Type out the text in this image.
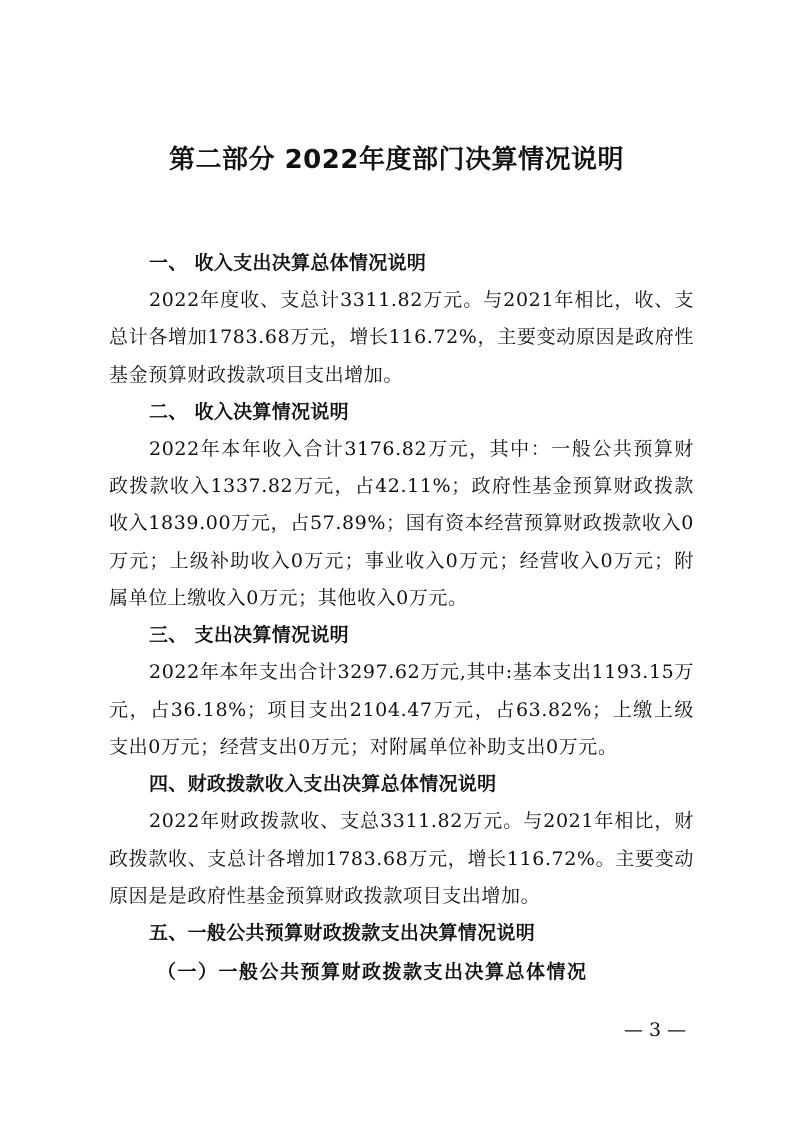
第二部分 2022年度部门决算情况说明
一、 收入支出决算总体情况说明

2022年度收、支总计3311.82万元。与2021年相比，收、支总计各增加1783.68万元，增长116.72%，主要变动原因是政府性基金预算财政拨款项目支出增加。

二、 收入决算情况说明

2022年本年收入合计3176.82万元，其中：一般公共预算财政拨款收入1337.82万元，占42.11%；政府性基金预算财政拨款收入1839.00万元，占57.89%；国有资本经营预算财政拨款收入0万元；上级补助收入0万元；事业收入0万元；经营收入0万元；附属单位上缴收入0万元；其他收入0万元。

三、 支出决算情况说明

2022年本年支出合计3297.62万元,其中:基本支出1193.15万元，占36.18%；项目支出2104.47万元，占63.82%；上缴上级支出0万元；经营支出0万元；对附属单位补助支出0万元。

四、财政拨款收入支出决算总体情况说明

2022年财政拨款收、支总3311.82万元。与2021年相比，财政拨款收、支总计各增加1783.68万元，增长116.72%。主要变动原因是是政府性基金预算财政拨款项目支出增加。

五、一般公共预算财政拨款支出决算情况说明
（一）一般公共预算财政拨款支出决算总体情况
— 3 —
